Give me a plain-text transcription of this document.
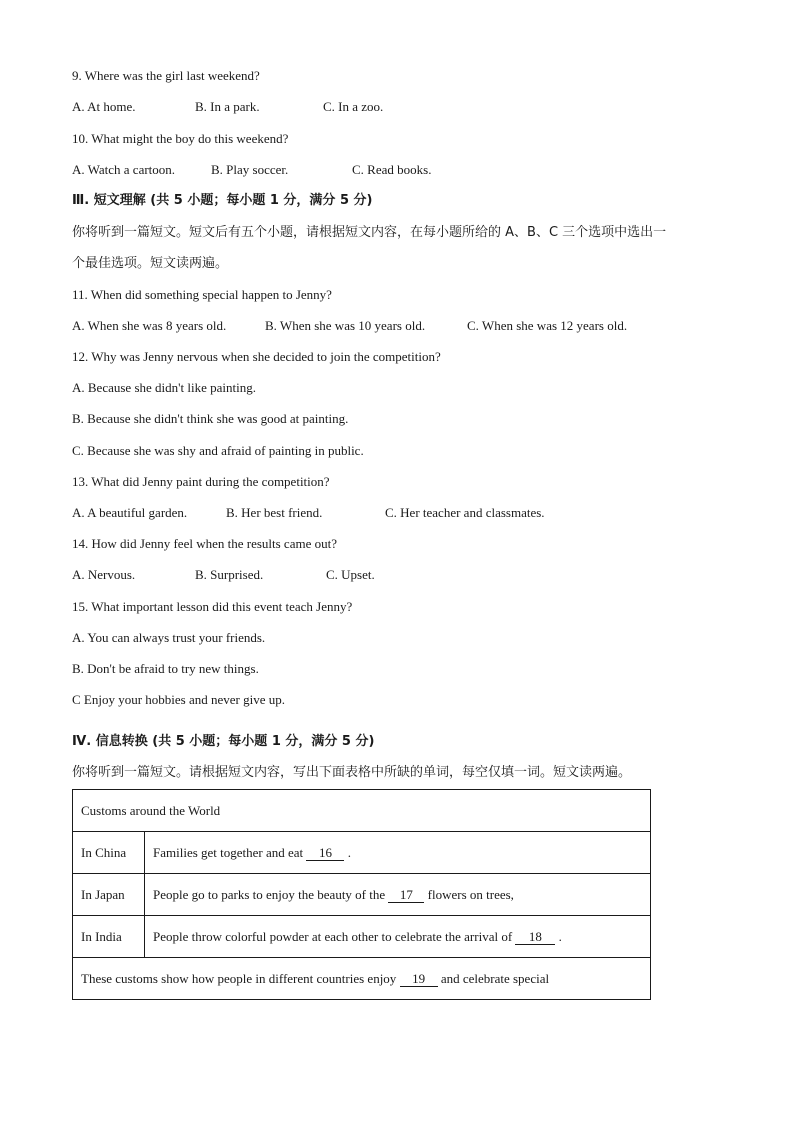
9. Where was the girl last weekend?
A. At home.	B. In a park.	C. In a zoo.
10. What might the boy do this weekend?
A. Watch a cartoon.	B. Play soccer.	C. Read books.
Ⅲ. 短文理解 (共 5 小题；每小题 1 分，满分 5 分)
你将听到一篇短文。短文后有五个小题，请根据短文内容，在每小题所给的 A、B、C 三个选项中选出一
个最佳选项。短文读两遍。
11. When did something special happen to Jenny?
A. When she was 8 years old.	B. When she was 10 years old.	C. When she was 12 years old.
12. Why was Jenny nervous when she decided to join the competition?
A. Because she didn't like painting.
B. Because she didn't think she was good at painting.
C. Because she was shy and afraid of painting in public.
13. What did Jenny paint during the competition?
A. A beautiful garden.	B. Her best friend.	C. Her teacher and classmates.
14. How did Jenny feel when the results came out?
A. Nervous.	B. Surprised.	C. Upset.
15. What important lesson did this event teach Jenny?
A. You can always trust your friends.
B. Don't be afraid to try new things.
C Enjoy your hobbies and never give up.
Ⅳ. 信息转换 (共 5 小题；每小题 1 分，满分 5 分)
你将听到一篇短文。请根据短文内容，写出下面表格中所缺的单词，每空仅填一词。短文读两遍。
Customs around the World	
In China	Families get together and eat 16 .
In Japan	People go to parks to enjoy the beauty of the 17 flowers on trees,
In India	People throw colorful powder at each other to celebrate the arrival of 18 .
These customs show how people in different countries enjoy 19 and celebrate special	
